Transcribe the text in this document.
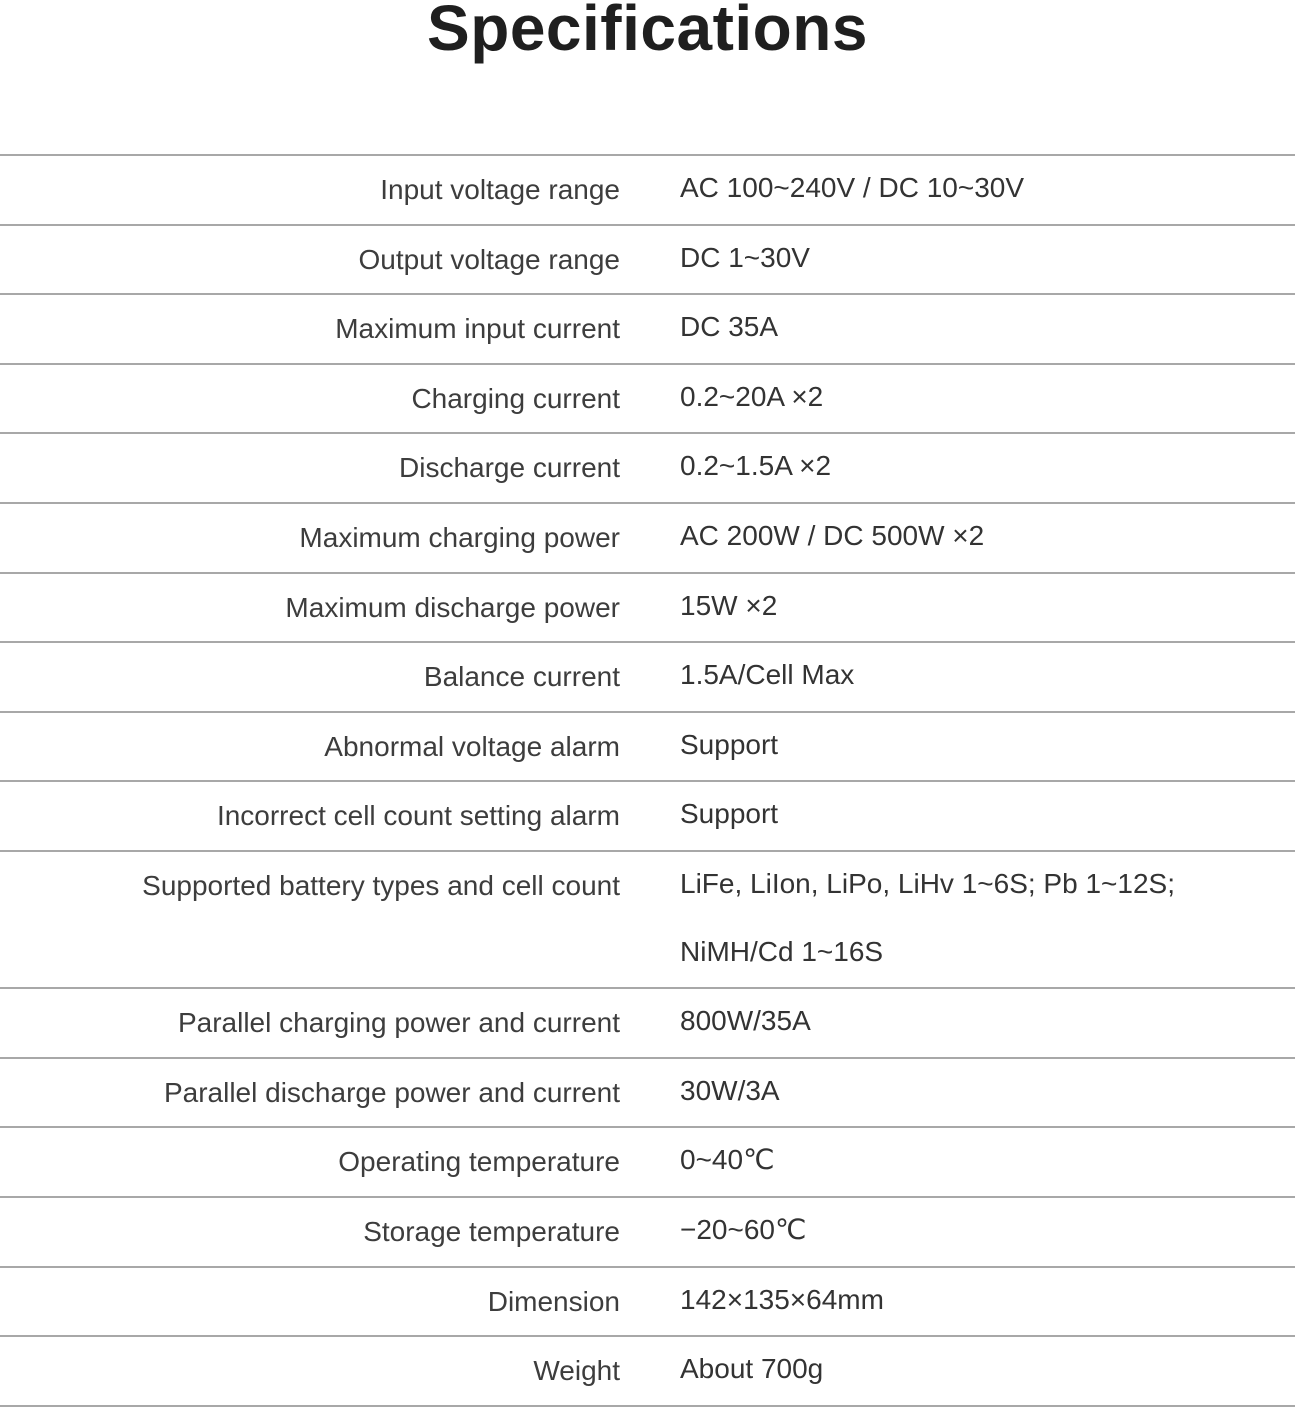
Specifications
Input voltage range AC 100~240V / DC 10~30V
Output voltage range DC 1~30V
Maximum input current DC 35A
Charging current 0.2~20A ×2
Discharge current 0.2~1.5A ×2
Maximum charging power AC 200W / DC 500W ×2
Maximum discharge power 15W ×2
Balance current 1.5A/Cell Max
Abnormal voltage alarm Support
Incorrect cell count setting alarm Support
Supported battery types and cell count LiFe, LiIon, LiPo, LiHv 1~6S; Pb 1~12S;
NiMH/Cd 1~16S
Parallel charging power and current 800W/35A
Parallel discharge power and current 30W/3A
Operating temperature 0~40℃
Storage temperature −20~60℃
Dimension 142×135×64mm
Weight About 700g
